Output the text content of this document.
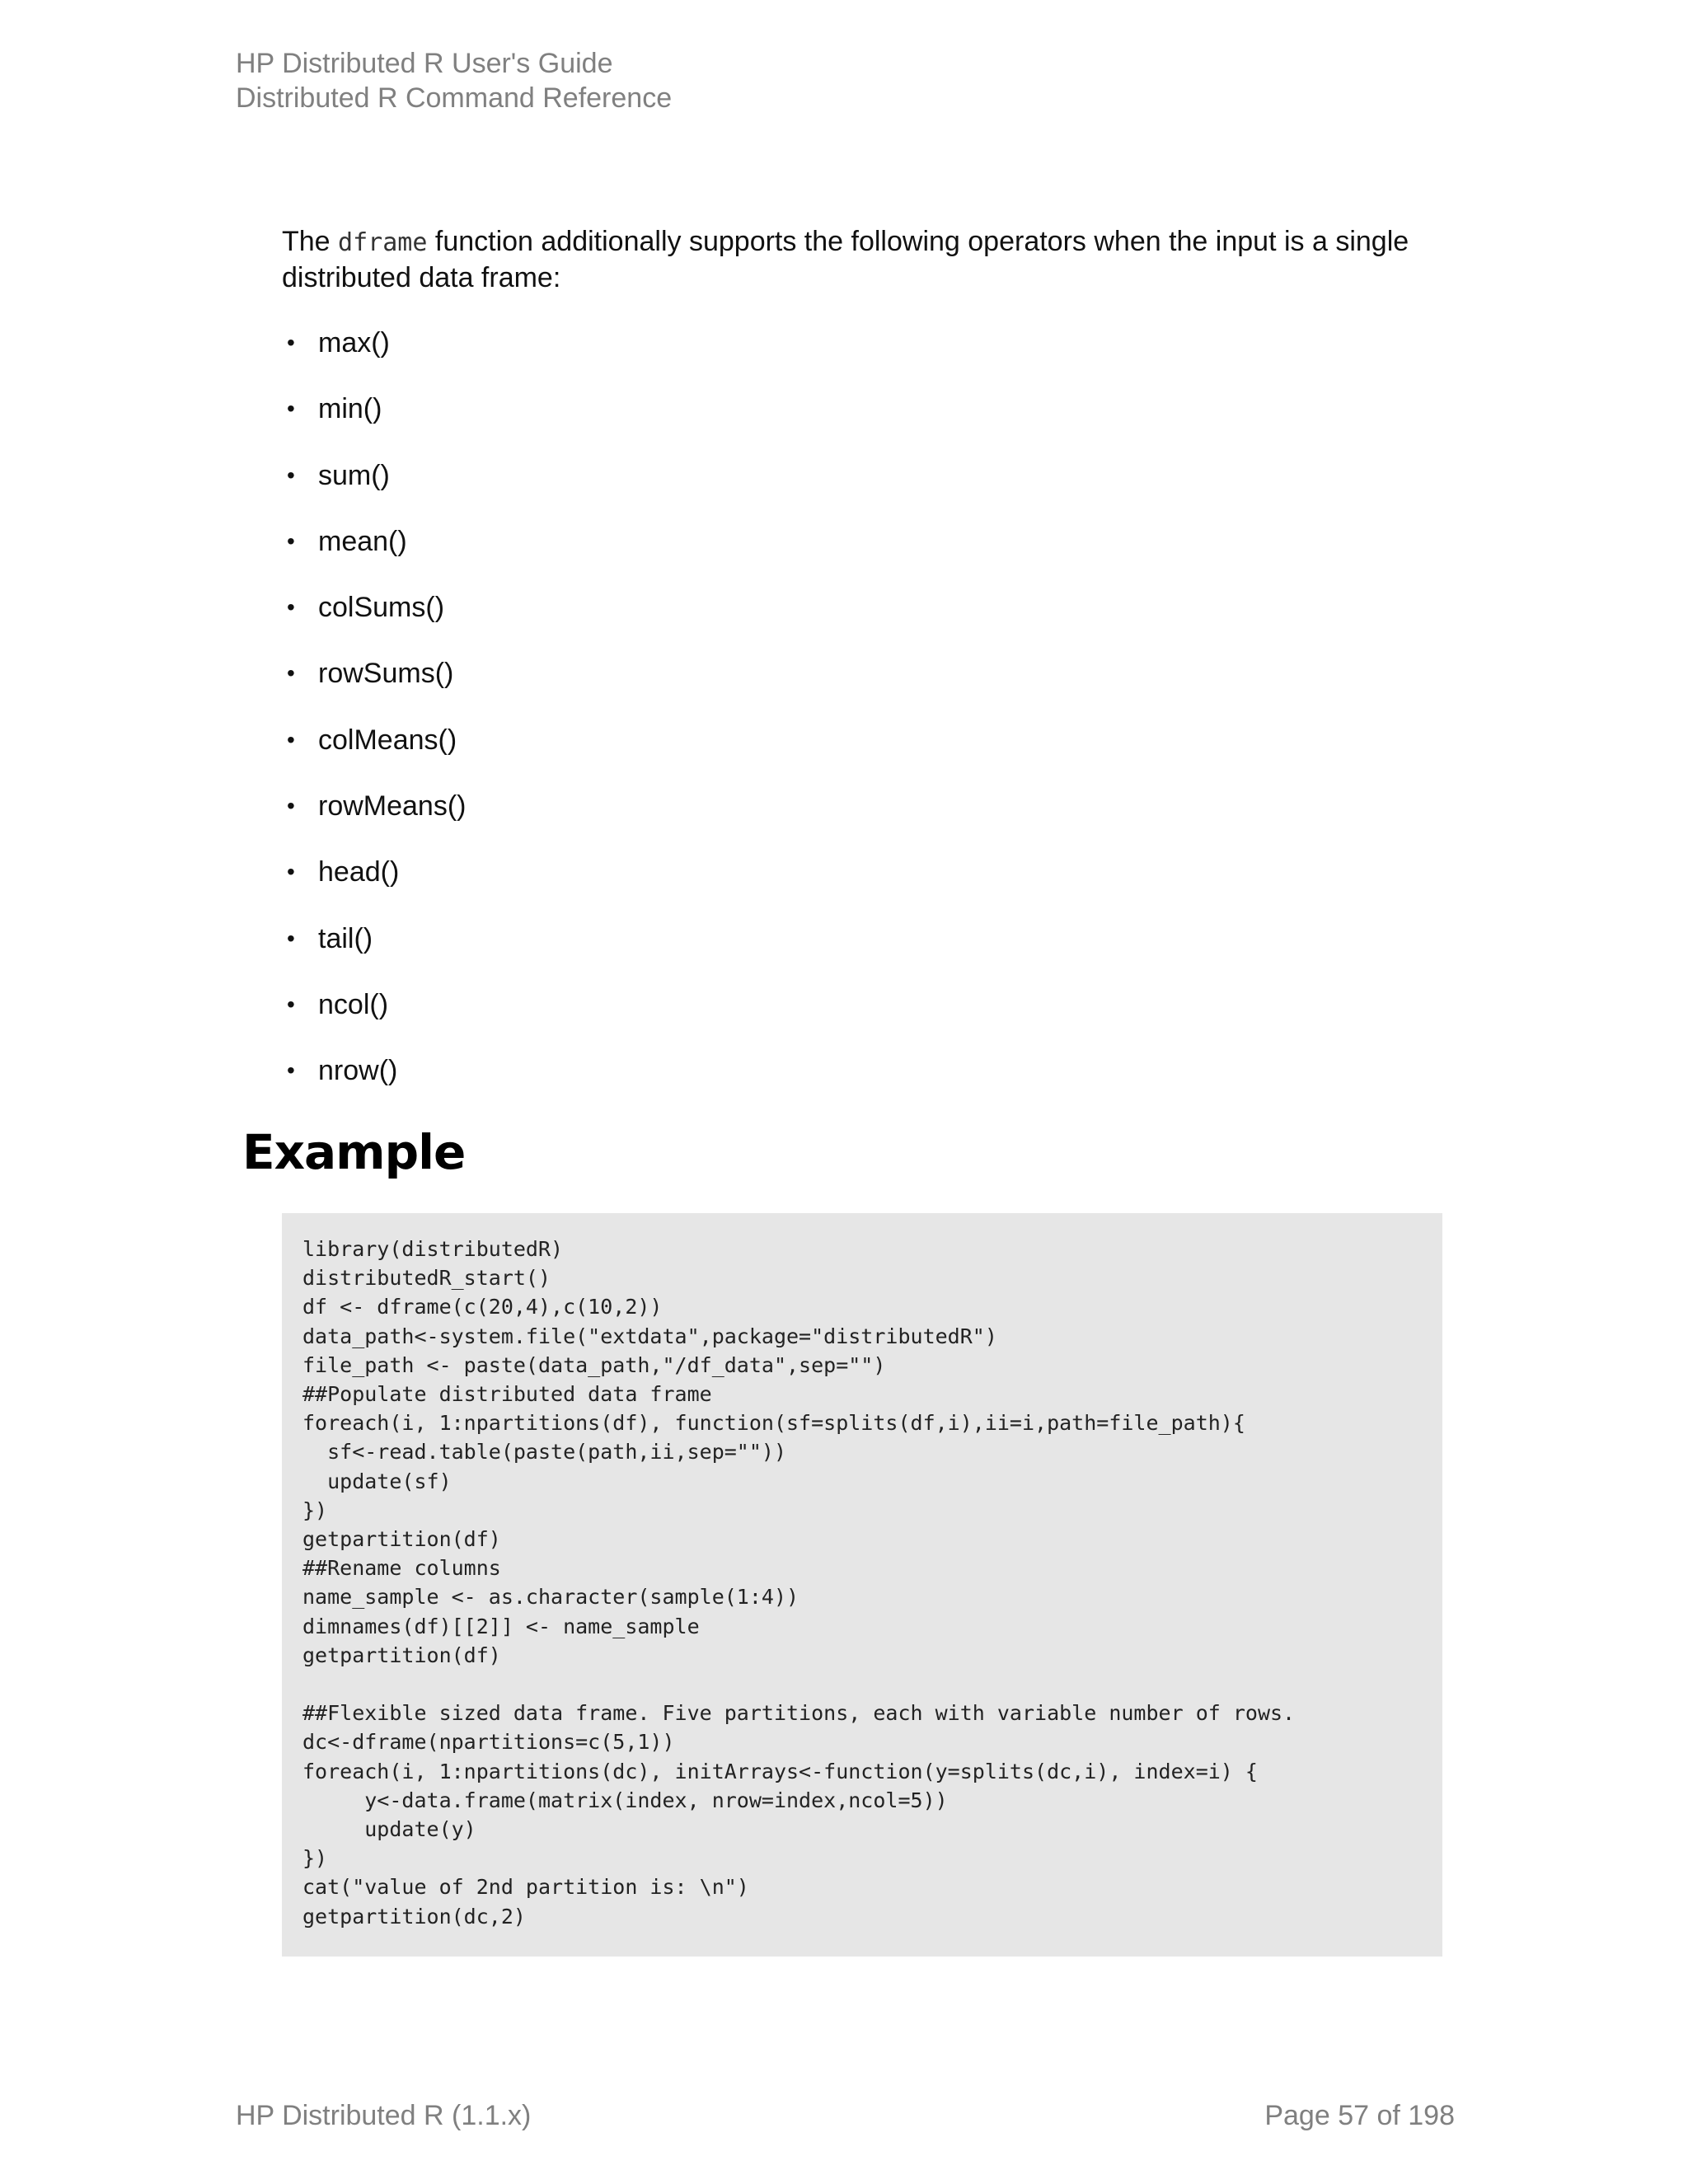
HP Distributed R User's Guide
Distributed R Command Reference

The dframe function additionally supports the following operators when the input is a single distributed data frame:

• max()
• min()
• sum()
• mean()
• colSums()
• rowSums()
• colMeans()
• rowMeans()
• head()
• tail()
• ncol()
• nrow()
Example
library(distributedR)
distributedR_start()
df <- dframe(c(20,4),c(10,2))
data_path<-system.file("extdata",package="distributedR")
file_path <- paste(data_path,"/df_data",sep="")
##Populate distributed data frame
foreach(i, 1:npartitions(df), function(sf=splits(df,i),ii=i,path=file_path){
sf<-read.table(paste(path,ii,sep=""))
update(sf)
})
getpartition(df)
##Rename columns
name_sample <- as.character(sample(1:4))
dimnames(df)[[2]] <- name_sample
getpartition(df)

##Flexible sized data frame. Five partitions, each with variable number of rows.
dc<-dframe(npartitions=c(5,1))
foreach(i, 1:npartitions(dc), initArrays<-function(y=splits(dc,i), index=i) {
y<-data.frame(matrix(index, nrow=index,ncol=5))
update(y)
})
cat("value of 2nd partition is: \n")
getpartition(dc,2)
HP Distributed R (1.1.x)	Page 57 of 198
